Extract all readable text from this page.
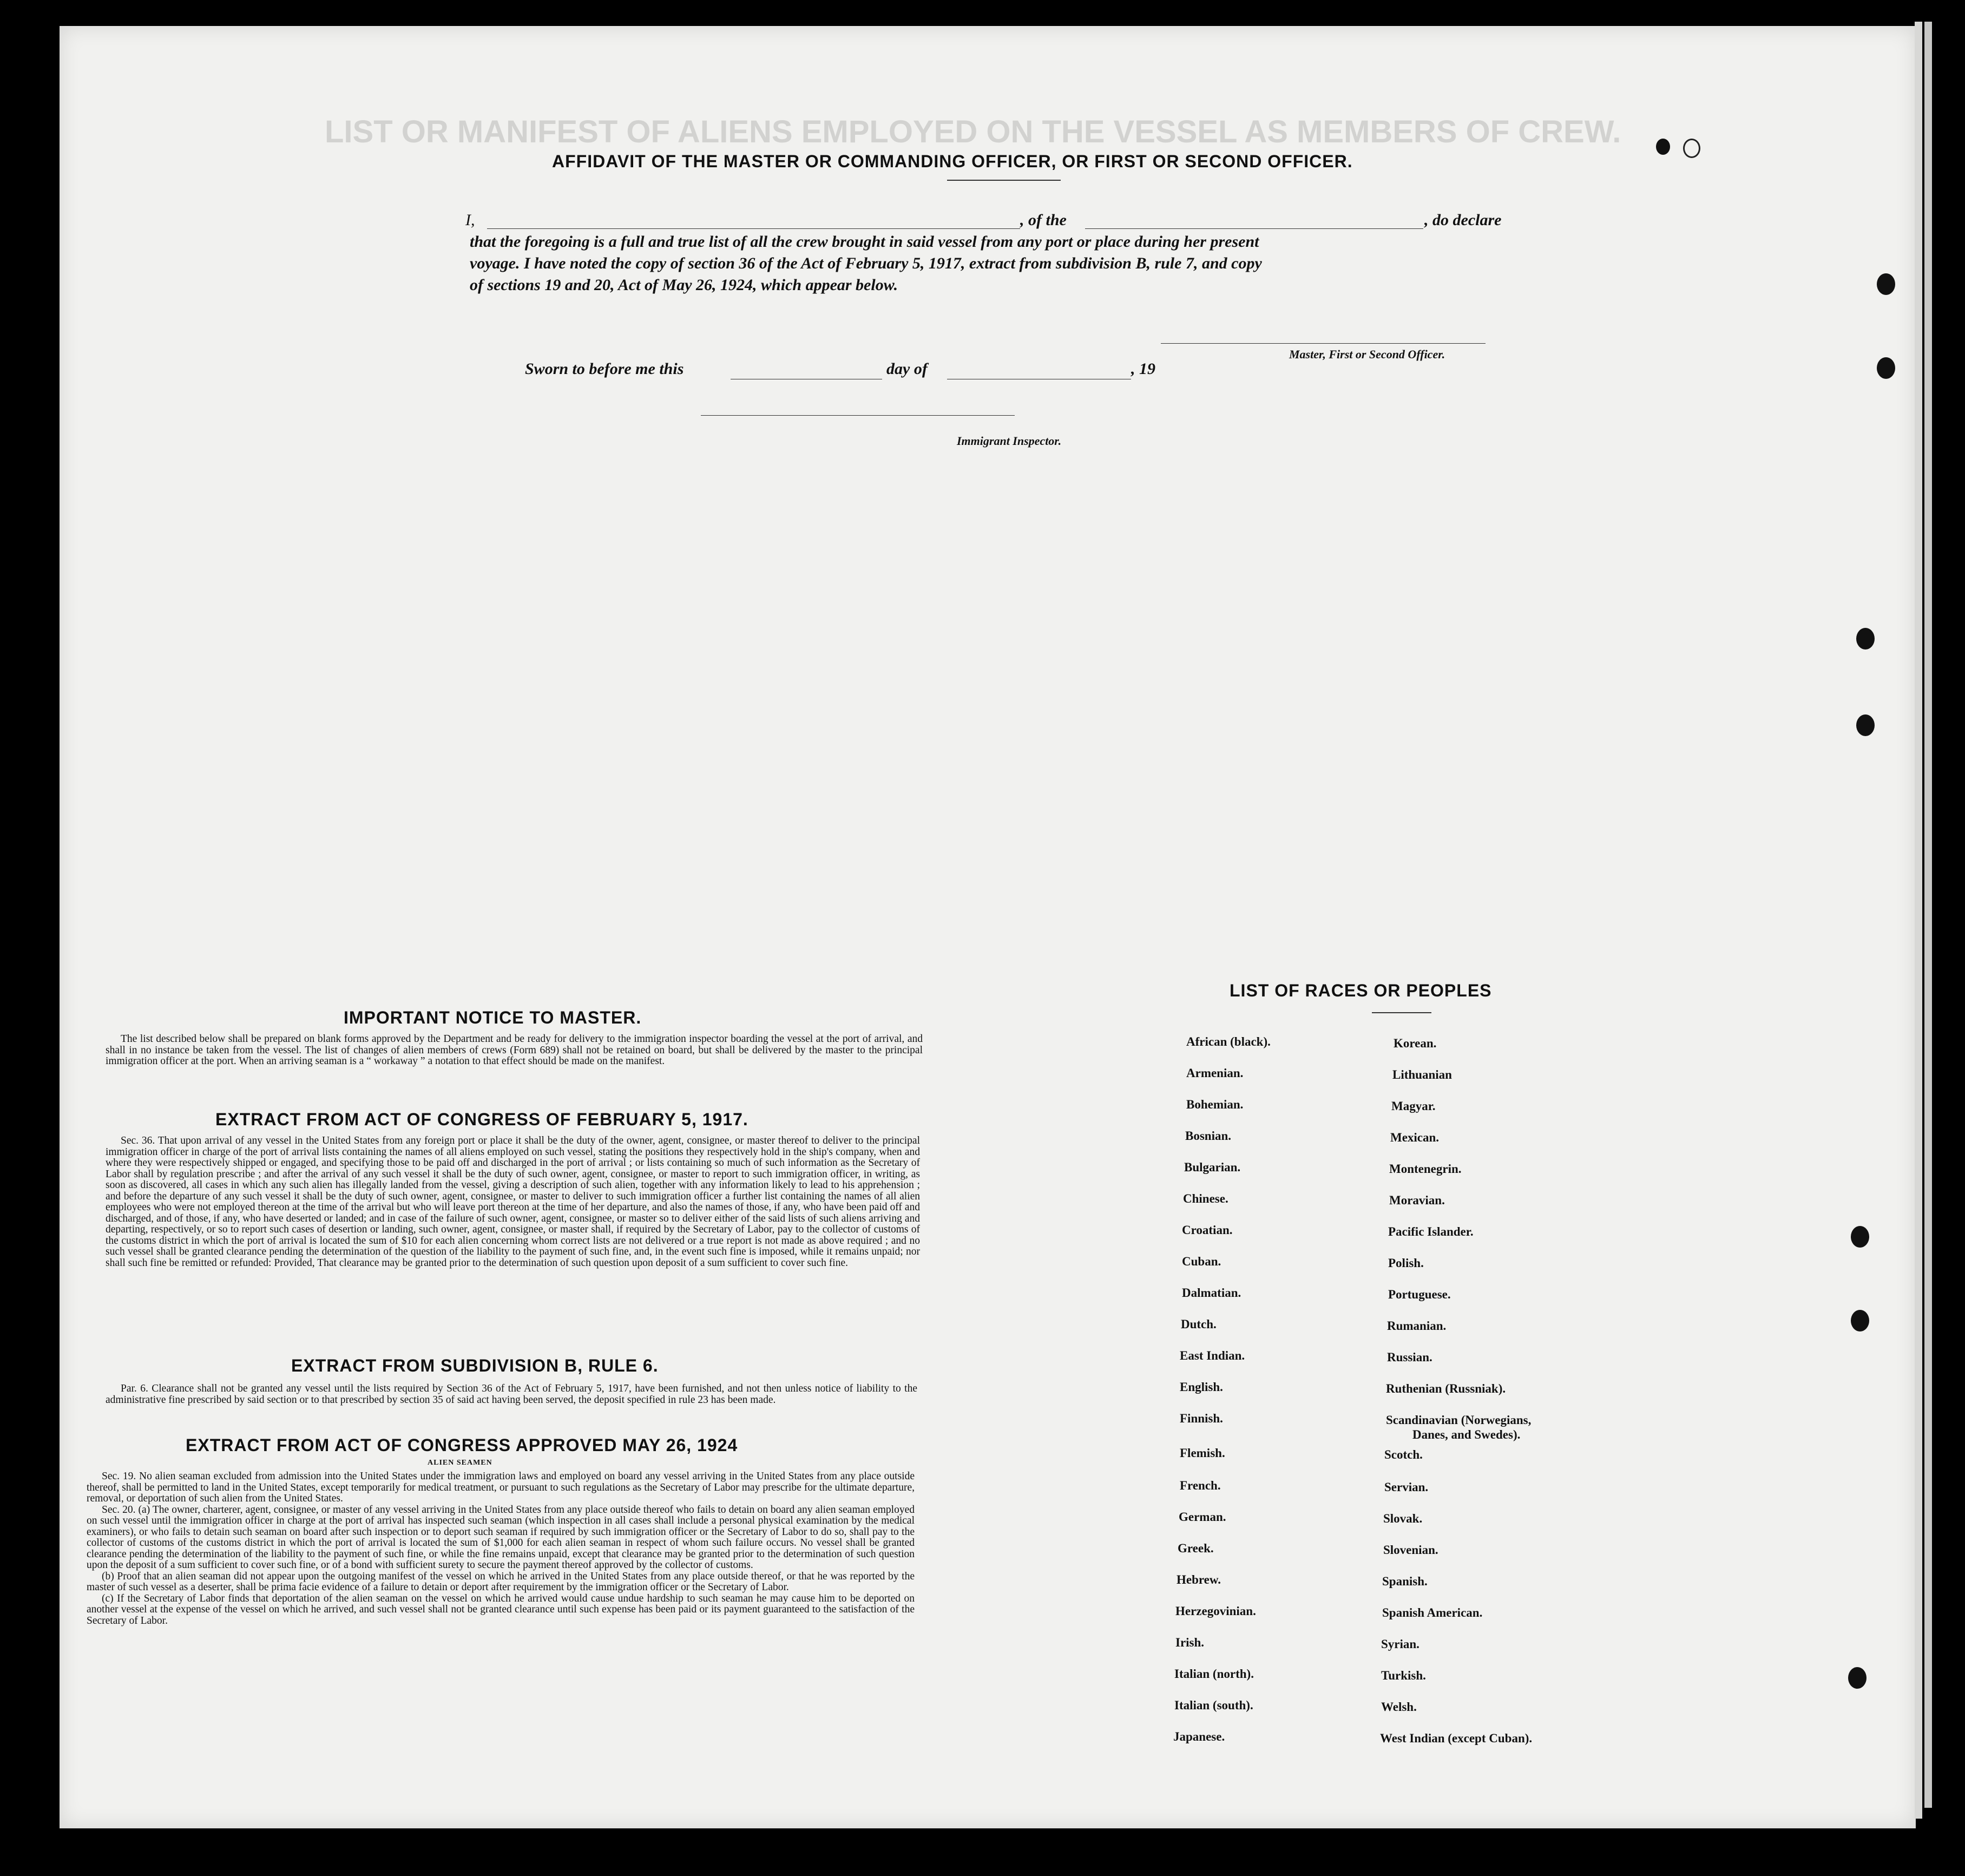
LIST OR MANIFEST OF ALIENS EMPLOYED ON THE VESSEL AS MEMBERS OF CREW.
AFFIDAVIT OF THE MASTER OR COMMANDING OFFICER, OR FIRST OR SECOND OFFICER.
I,	, of the	, do declare
that the foregoing is a full and true list of all the crew brought in said vessel from any port or place during her present
voyage. I have noted the copy of section 36 of the Act of February 5, 1917, extract from subdivision B, rule 7, and copy
of sections 19 and 20, Act of May 26, 1924, which appear below.
Master, First or Second Officer.
Sworn to before me this	day of	, 19
Immigrant Inspector.
IMPORTANT NOTICE TO MASTER.

The list described below shall be prepared on blank forms approved by the Department and be ready for delivery to the immigration inspector boarding the vessel at the port of arrival, and shall in no instance be taken from the vessel. The list of changes of alien members of crews (Form 689) shall not be retained on board, but shall be delivered by the master to the principal immigration officer at the port. When an arriving seaman is a “ workaway ” a notation to that effect should be made on the manifest.

EXTRACT FROM ACT OF CONGRESS OF FEBRUARY 5, 1917.

Sec. 36. That upon arrival of any vessel in the United States from any foreign port or place it shall be the duty of the owner, agent, consignee, or master thereof to deliver to the principal immigration officer in charge of the port of arrival lists containing the names of all aliens employed on such vessel, stating the positions they respectively hold in the ship's company, when and where they were respectively shipped or engaged, and specifying those to be paid off and discharged in the port of arrival ; or lists containing so much of such information as the Secretary of Labor shall by regulation prescribe ; and after the arrival of any such vessel it shall be the duty of such owner, agent, consignee, or master to report to such immigration officer, in writing, as soon as discovered, all cases in which any such alien has illegally landed from the vessel, giving a description of such alien, together with any information likely to lead to his apprehension ; and before the departure of any such vessel it shall be the duty of such owner, agent, consignee, or master to deliver to such immigration officer a further list containing the names of all alien employees who were not employed thereon at the time of the arrival but who will leave port thereon at the time of her departure, and also the names of those, if any, who have been paid off and discharged, and of those, if any, who have deserted or landed; and in case of the failure of such owner, agent, consignee, or master so to deliver either of the said lists of such aliens arriving and departing, respectively, or so to report such cases of desertion or landing, such owner, agent, consignee, or master shall, if required by the Secretary of Labor, pay to the collector of customs of the customs district in which the port of arrival is located the sum of $10 for each alien concerning whom correct lists are not delivered or a true report is not made as above required ; and no such vessel shall be granted clearance pending the determination of the question of the liability to the payment of such fine, and, in the event such fine is imposed, while it remains unpaid; nor shall such fine be remitted or refunded: Provided, That clearance may be granted prior to the determination of such question upon deposit of a sum sufficient to cover such fine.

EXTRACT FROM SUBDIVISION B, RULE 6.

Par. 6. Clearance shall not be granted any vessel until the lists required by Section 36 of the Act of February 5, 1917, have been furnished, and not then unless notice of liability to the administrative fine prescribed by said section or to that prescribed by section 35 of said act having been served, the deposit specified in rule 23 has been made.

EXTRACT FROM ACT OF CONGRESS APPROVED MAY 26, 1924
ALIEN SEAMEN

Sec. 19. No alien seaman excluded from admission into the United States under the immigration laws and employed on board any vessel arriving in the United States from any place outside thereof, shall be permitted to land in the United States, except temporarily for medical treatment, or pursuant to such regulations as the Secretary of Labor may prescribe for the ultimate departure, removal, or deportation of such alien from the United States.

Sec. 20. (a) The owner, charterer, agent, consignee, or master of any vessel arriving in the United States from any place outside thereof who fails to detain on board any alien seaman employed on such vessel until the immigration officer in charge at the port of arrival has inspected such seaman (which inspection in all cases shall include a personal physical examination by the medical examiners), or who fails to detain such seaman on board after such inspection or to deport such seaman if required by such immigration officer or the Secretary of Labor to do so, shall pay to the collector of customs of the customs district in which the port of arrival is located the sum of $1,000 for each alien seaman in respect of whom such failure occurs. No vessel shall be granted clearance pending the determination of the liability to the payment of such fine, or while the fine remains unpaid, except that clearance may be granted prior to the determination of such question upon the deposit of a sum sufficient to cover such fine, or of a bond with sufficient surety to secure the payment thereof approved by the collector of customs.

(b) Proof that an alien seaman did not appear upon the outgoing manifest of the vessel on which he arrived in the United States from any place outside thereof, or that he was reported by the master of such vessel as a deserter, shall be prima facie evidence of a failure to detain or deport after requirement by the immigration officer or the Secretary of Labor.

(c) If the Secretary of Labor finds that deportation of the alien seaman on the vessel on which he arrived would cause undue hardship to such seaman he may cause him to be deported on another vessel at the expense of the vessel on which he arrived, and such vessel shall not be granted clearance until such expense has been paid or its payment guaranteed to the satisfaction of the Secretary of Labor.

LIST OF RACES OR PEOPLES
African (black).
Armenian.
Bohemian.
Bosnian.
Bulgarian.
Chinese.
Croatian.
Cuban.
Dalmatian.
Dutch.
East Indian.
English.
Finnish.
Flemish.
French.
German.
Greek.
Hebrew.
Herzegovinian.
Irish.
Italian (north).
Italian (south).
Japanese.
Korean.
Lithuanian
Magyar.
Mexican.
Montenegrin.
Moravian.
Pacific Islander.
Polish.
Portuguese.
Rumanian.
Russian.
Ruthenian (Russniak).
Scandinavian (Norwegians,
Danes, and Swedes).
Scotch.
Servian.
Slovak.
Slovenian.
Spanish.
Spanish American.
Syrian.
Turkish.
Welsh.
West Indian (except Cuban).
